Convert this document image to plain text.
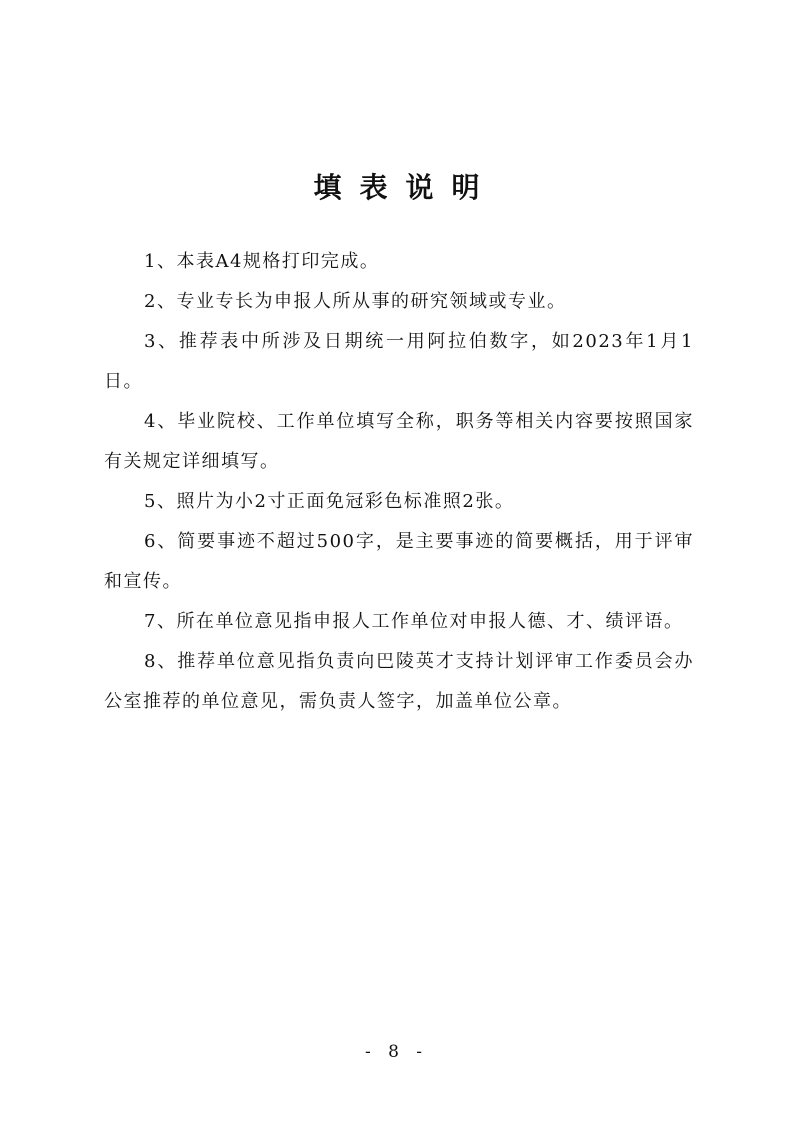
填表说明

1、本表A4规格打印完成。

2、专业专长为申报人所从事的研究领域或专业。

3、推荐表中所涉及日期统一用阿拉伯数字，如2023年1月1日。

4、毕业院校、工作单位填写全称，职务等相关内容要按照国家有关规定详细填写。

5、照片为小2寸正面免冠彩色标准照2张。

6、简要事迹不超过500字，是主要事迹的简要概括，用于评审和宣传。

7、所在单位意见指申报人工作单位对申报人德、才、绩评语。

8、推荐单位意见指负责向巴陵英才支持计划评审工作委员会办公室推荐的单位意见，需负责人签字，加盖单位公章。

- 8 -
